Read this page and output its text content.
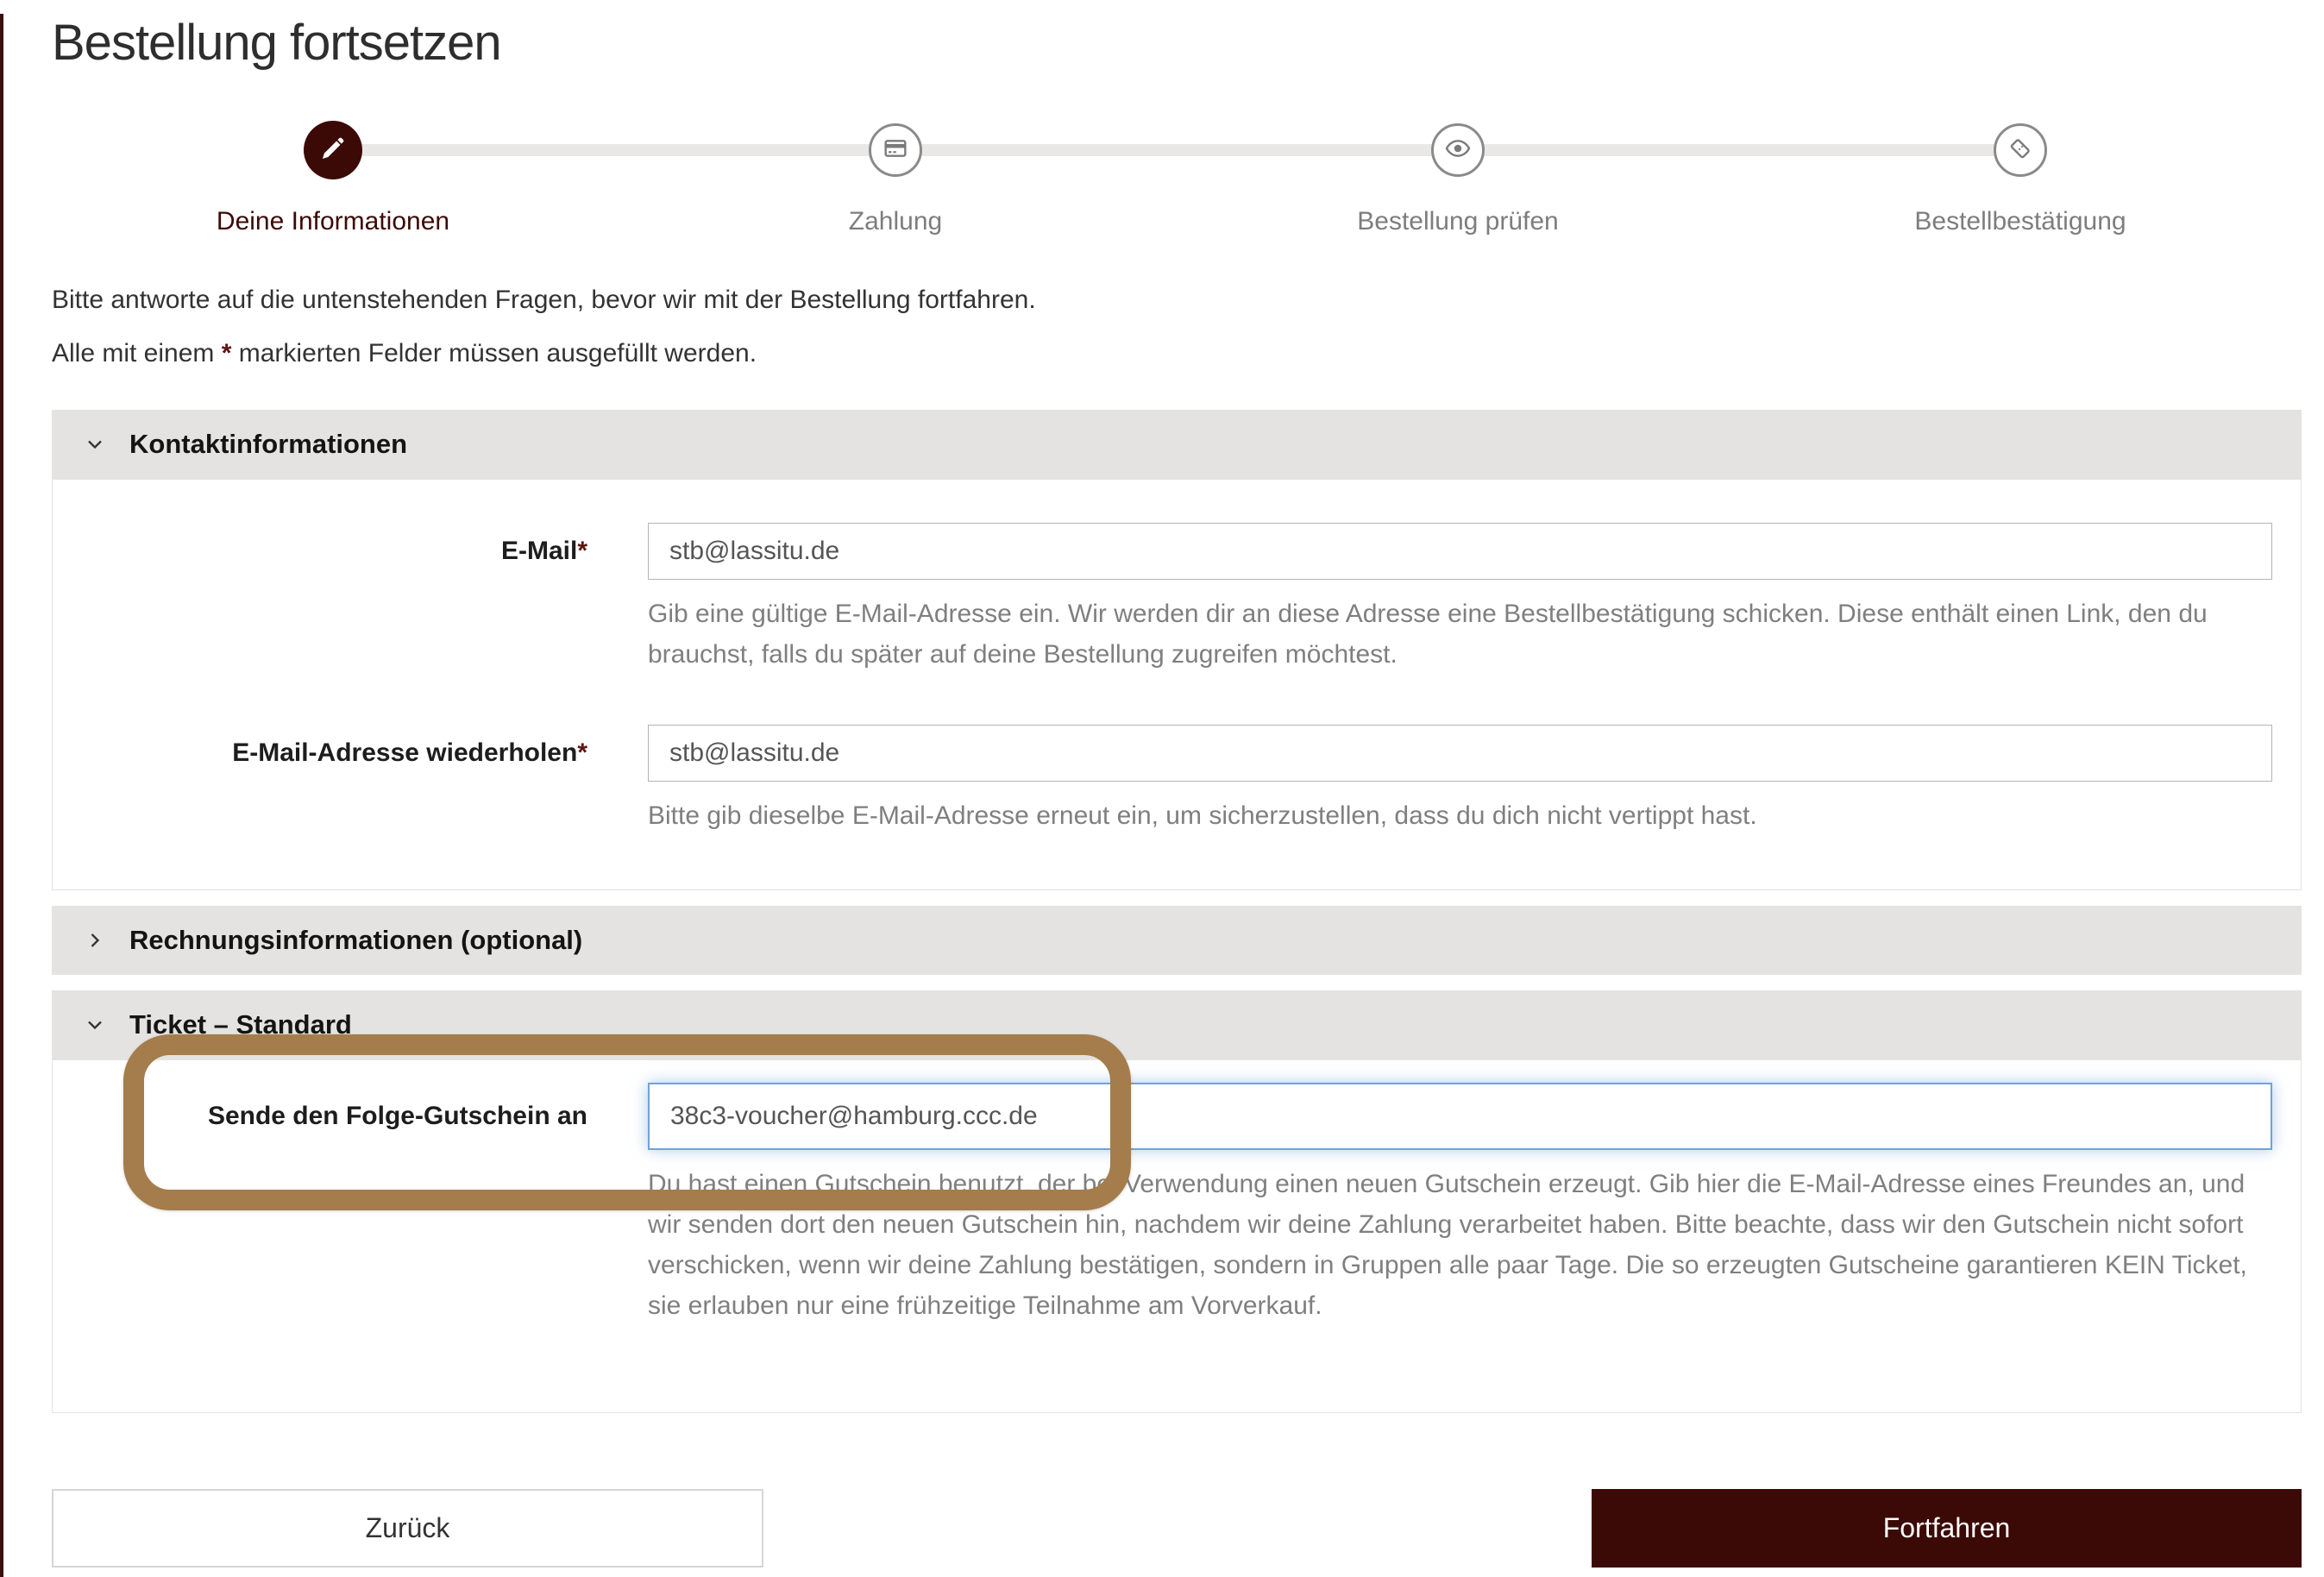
Bestellung fortsetzen
Deine Informationen	Zahlung	Bestellung prüfen	Bestellbestätigung

Bitte antworte auf die untenstehenden Fragen, bevor wir mit der Bestellung fortfahren.

Alle mit einem * markierten Felder müssen ausgefüllt werden.

Kontaktinformationen
E-Mail*
stb@lassitu.de
Gib eine gültige E-Mail-Adresse ein. Wir werden dir an diese Adresse eine Bestellbestätigung schicken. Diese enthält einen Link, den du brauchst, falls du später auf deine Bestellung zugreifen möchtest.
E-Mail-Adresse wiederholen*
stb@lassitu.de
Bitte gib dieselbe E-Mail-Adresse erneut ein, um sicherzustellen, dass du dich nicht vertippt hast.
Rechnungsinformationen (optional)
Ticket – Standard
Sende den Folge-Gutschein an
38c3-voucher@hamburg.ccc.de
Du hast einen Gutschein benutzt, der bei Verwendung einen neuen Gutschein erzeugt. Gib hier die E-Mail-Adresse eines Freundes an, und wir senden dort den neuen Gutschein hin, nachdem wir deine Zahlung verarbeitet haben. Bitte beachte, dass wir den Gutschein nicht sofort verschicken, wenn wir deine Zahlung bestätigen, sondern in Gruppen alle paar Tage. Die so erzeugten Gutscheine garantieren KEIN Ticket, sie erlauben nur eine frühzeitige Teilnahme am Vorverkauf.
Zurück	Fortfahren
